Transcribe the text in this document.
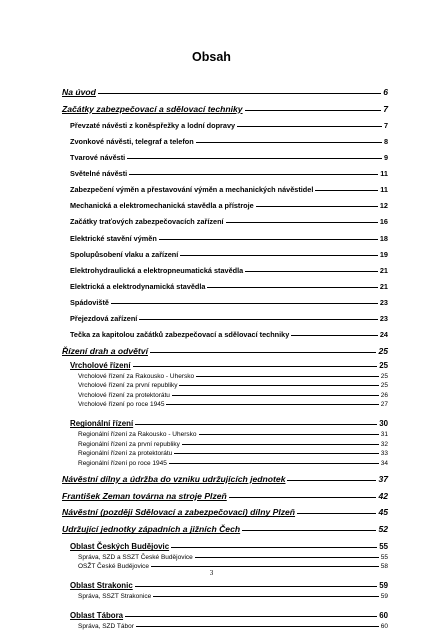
Obsah
Na úvod	6
Začátky zabezpečovací a sdělovací techniky	7
Převzaté návěsti z koněspřežky a lodní dopravy	7
Zvonkové návěsti, telegraf a telefon	8
Tvarové návěsti	9
Světelné návěsti	11
Zabezpečení výměn a přestavování výměn a mechanických návěstidel	11
Mechanická a elektromechanická stavědla a přístroje	12
Začátky traťových zabezpečovacích zařízení	16
Elektrické stavění výměn	18
Spolupůsobení vlaku a zařízení	19
Elektrohydraulická a elektropneumatická stavědla	21
Elektrická a elektrodynamická stavědla	21
Spádoviště	23
Přejezdová zařízení	23
Tečka za kapitolou začátků zabezpečovací a sdělovací techniky	24
Řízení drah a odvětví	25
Vrcholové řízení	25
Vrcholové řízení za Rakousko - Uhersko	25
Vrcholové řízení za první republiky	25
Vrcholové řízení za protektorátu	26
Vrcholové řízení po roce 1945	27
Regionální řízení	30
Regionální řízení za Rakousko - Uhersko	31
Regionální řízení za první republiky	32
Regionální řízení za protektorátu	33
Regionální řízení po roce 1945	34
Návěstní dílny a údržba do vzniku udržujících jednotek	37
František Zeman továrna na stroje Plzeň	42
Návěstní (později Sdělovací a zabezpečovací) dílny Plzeň	45
Udržující jednotky západních a jižních Čech	52
Oblast Českých Budějovic	55
Správa, SZD a SSZT České Budějovice	55
OSŽT České Budějovice	58
Oblast Strakonic	59
Správa, SSZT Strakonice	59
Oblast Tábora	60
Správa, SZD Tábor	60
3
